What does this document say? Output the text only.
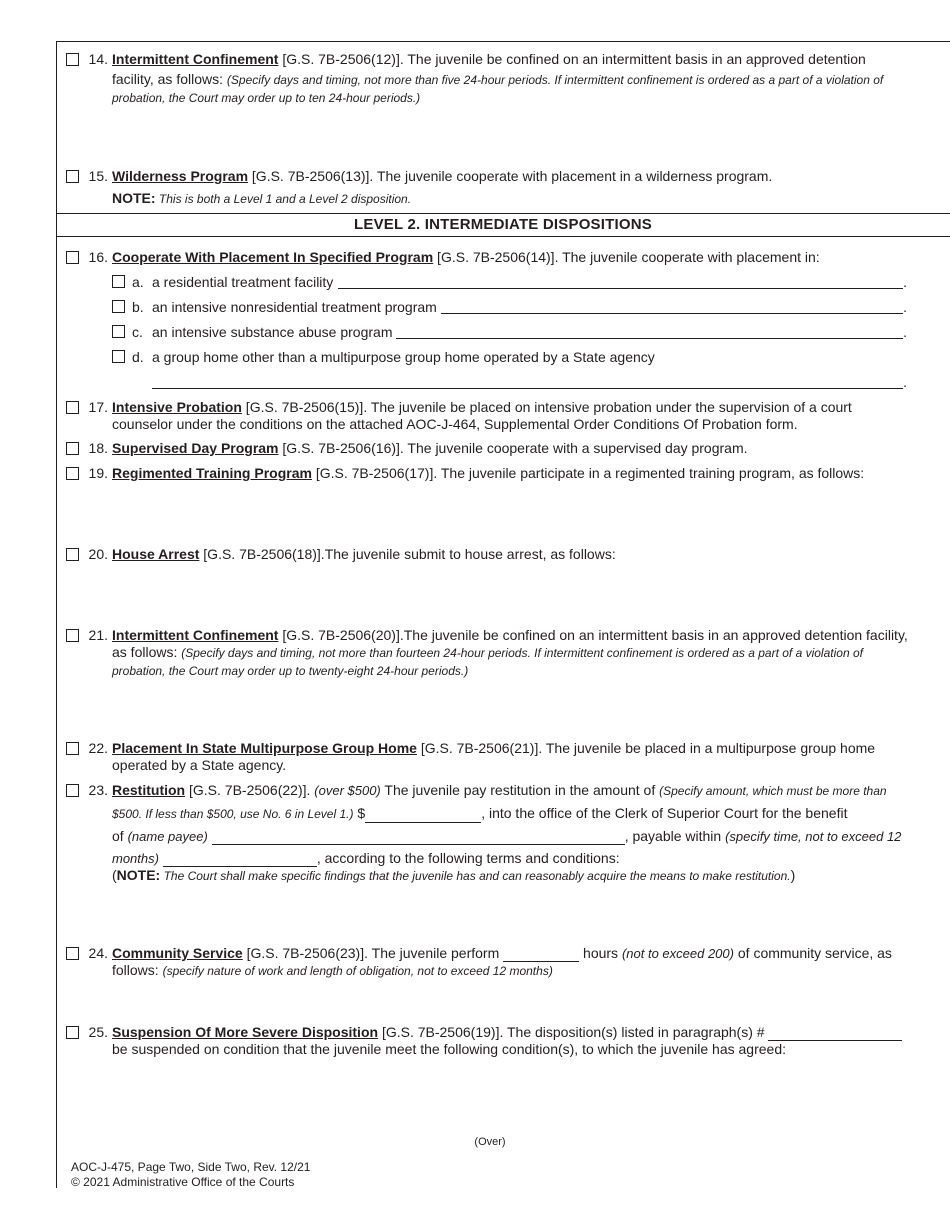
14. Intermittent Confinement [G.S. 7B-2506(12)]. The juvenile be confined on an intermittent basis in an approved detention
facility, as follows: (Specify days and timing, not more than five 24-hour periods. If intermittent confinement is ordered as a part of a violation of
probation, the Court may order up to ten 24-hour periods.)
15. Wilderness Program [G.S. 7B-2506(13)]. The juvenile cooperate with placement in a wilderness program.
NOTE: This is both a Level 1 and a Level 2 disposition.
LEVEL 2. INTERMEDIATE DISPOSITIONS
16. Cooperate With Placement In Specified Program [G.S. 7B-2506(14)]. The juvenile cooperate with placement in:
a. a residential treatment facility	.
b. an intensive nonresidential treatment program	.
c. an intensive substance abuse program	.
d. a group home other than a multipurpose group home operated by a State agency
.
17. Intensive Probation [G.S. 7B-2506(15)]. The juvenile be placed on intensive probation under the supervision of a court
counselor under the conditions on the attached AOC-J-464, Supplemental Order Conditions Of Probation form.
18. Supervised Day Program [G.S. 7B-2506(16)]. The juvenile cooperate with a supervised day program.
19. Regimented Training Program [G.S. 7B-2506(17)]. The juvenile participate in a regimented training program, as follows:
20. House Arrest [G.S. 7B-2506(18)].The juvenile submit to house arrest, as follows:
21. Intermittent Confinement [G.S. 7B-2506(20)].The juvenile be confined on an intermittent basis in an approved detention facility,
as follows: (Specify days and timing, not more than fourteen 24-hour periods. If intermittent confinement is ordered as a part of a violation of
probation, the Court may order up to twenty-eight 24-hour periods.)
22. Placement In State Multipurpose Group Home [G.S. 7B-2506(21)]. The juvenile be placed in a multipurpose group home
operated by a State agency.
23. Restitution [G.S. 7B-2506(22)]. (over $500) The juvenile pay restitution in the amount of (Specify amount, which must be more than
$500. If less than $500, use No. 6 in Level 1.) $	, into the office of the Clerk of Superior Court for the benefit
of (name payee)	, payable within (specify time, not to exceed 12
months)	, according to the following terms and conditions:
(NOTE: The Court shall make specific findings that the juvenile has and can reasonably acquire the means to make restitution.)
24. Community Service [G.S. 7B-2506(23)]. The juvenile perform	hours (not to exceed 200) of community service, as
follows: (specify nature of work and length of obligation, not to exceed 12 months)
25. Suspension Of More Severe Disposition [G.S. 7B-2506(19)]. The disposition(s) listed in paragraph(s) #
be suspended on condition that the juvenile meet the following condition(s), to which the juvenile has agreed:
(Over)
AOC-J-475, Page Two, Side Two, Rev. 12/21
© 2021 Administrative Office of the Courts
